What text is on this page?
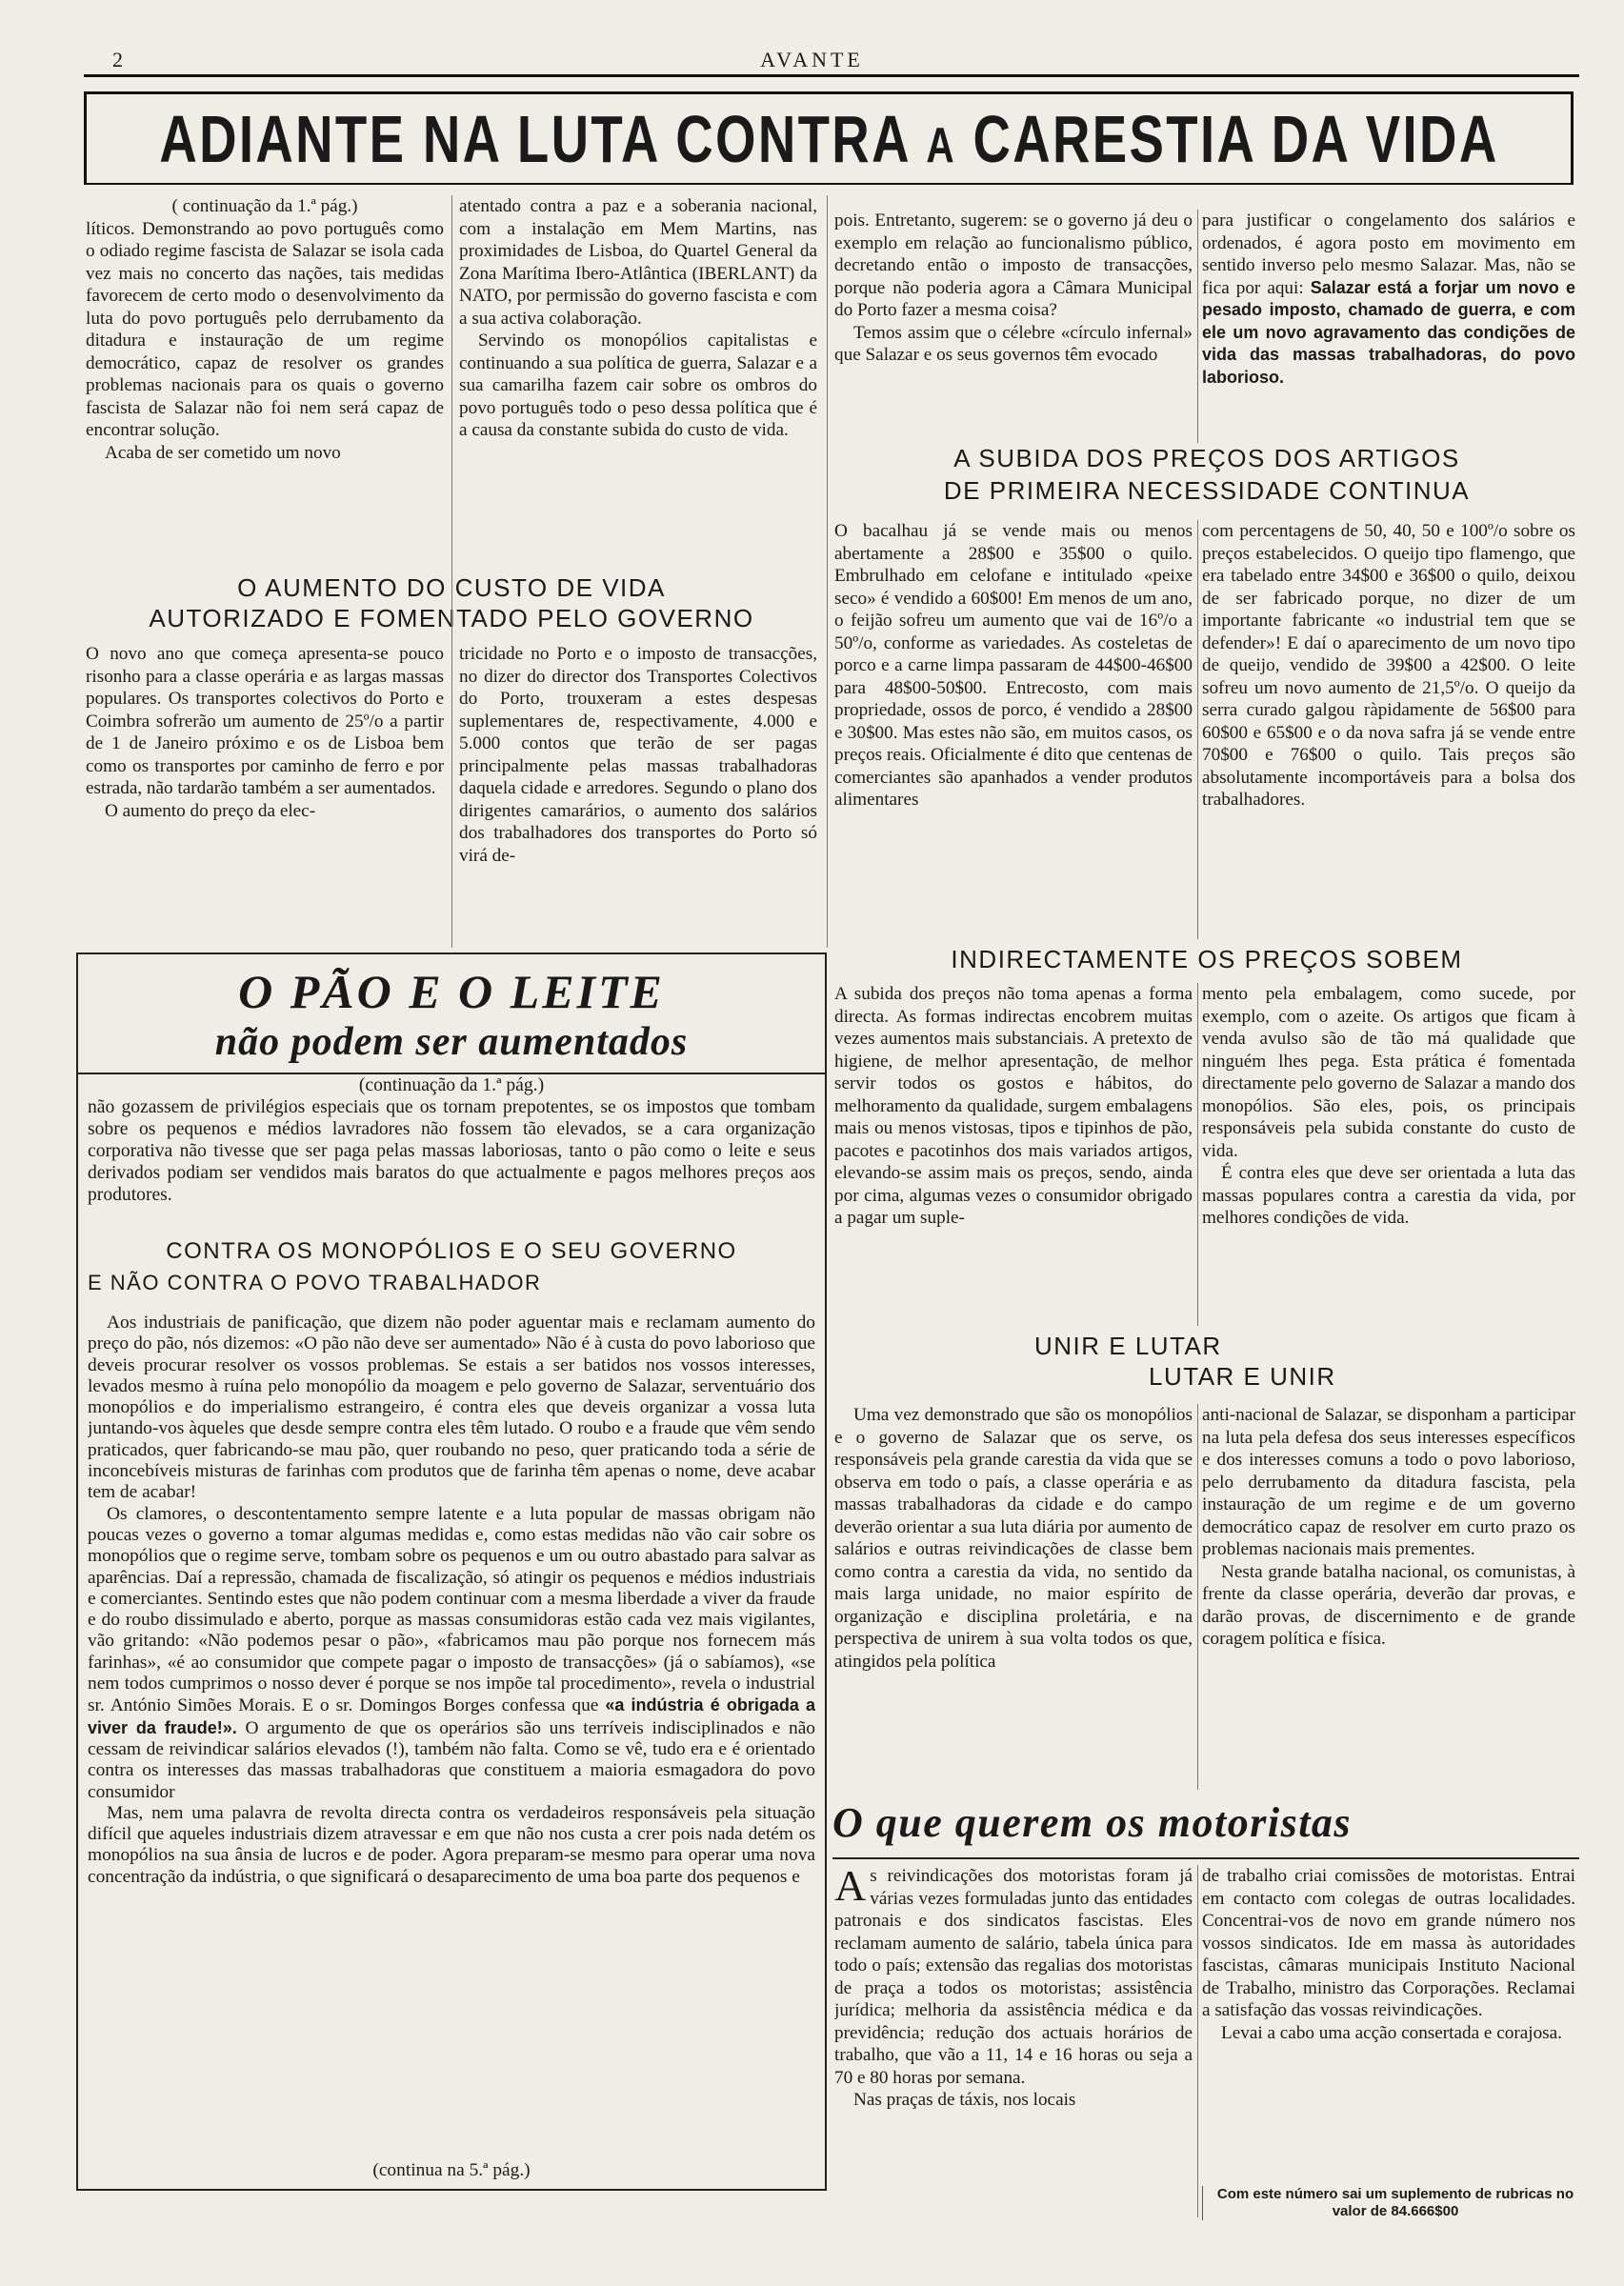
2	AVANTE
ADIANTE NA LUTA CONTRA A CARESTIA DA VIDA

( continuação da 1.ª pág.)

líticos. Demonstrando ao povo português como o odiado regime fascista de Salazar se isola cada vez mais no concerto das nações, tais medidas favorecem de certo modo o desenvolvimento da luta do povo português pelo derrubamento da ditadura e instauração de um regime democrático, capaz de resolver os grandes problemas nacionais para os quais o governo fascista de Salazar não foi nem será capaz de encontrar solução.

Acaba de ser cometido um novo

atentado contra a paz e a soberania nacional, com a instalação em Mem Martins, nas proximidades de Lisboa, do Quartel General da Zona Marítima Ibero-Atlântica (IBERLANT) da NATO, por permissão do governo fascista e com a sua activa colaboração.

Servindo os monopólios capitalistas e continuando a sua política de guerra, Salazar e a sua camarilha fazem cair sobre os ombros do povo português todo o peso dessa política que é a causa da constante subida do custo de vida.

O AUMENTO DO CUSTO DE VIDA
AUTORIZADO E FOMENTADO PELO GOVERNO

O novo ano que começa apresenta-se pouco risonho para a classe operária e as largas massas populares. Os transportes colectivos do Porto e Coimbra sofrerão um aumento de 25º/o a partir de 1 de Janeiro próximo e os de Lisboa bem como os transportes por caminho de ferro e por estrada, não tardarão também a ser aumentados.

O aumento do preço da elec-

tricidade no Porto e o imposto de transacções, no dizer do director dos Transportes Colectivos do Porto, trouxeram a estes despesas suplementares de, respectivamente, 4.000 e 5.000 contos que terão de ser pagas principalmente pelas massas trabalhadoras daquela cidade e arredores. Segundo o plano dos dirigentes camarários, o aumento dos salários dos trabalhadores dos transportes do Porto só virá de-

pois. Entretanto, sugerem: se o governo já deu o exemplo em relação ao funcionalismo público, decretando então o imposto de transacções, porque não poderia agora a Câmara Municipal do Porto fazer a mesma coisa?

Temos assim que o célebre «círculo infernal» que Salazar e os seus governos têm evocado

para justificar o congelamento dos salários e ordenados, é agora posto em movimento em sentido inverso pelo mesmo Salazar. Mas, não se fica por aqui: Salazar está a forjar um novo e pesado imposto, chamado de guerra, e com ele um novo agravamento das condições de vida das massas trabalhadoras, do povo laborioso.
A SUBIDA DOS PREÇOS DOS ARTIGOS
DE PRIMEIRA NECESSIDADE CONTINUA

O bacalhau já se vende mais ou menos abertamente a 28$00 e 35$00 o quilo. Embrulhado em celofane e intitulado «peixe seco» é vendido a 60$00! Em menos de um ano, o feijão sofreu um aumento que vai de 16º/o a 50º/o, conforme as variedades. As costeletas de porco e a carne limpa passaram de 44$00-46$00 para 48$00-50$00. Entrecosto, com mais propriedade, ossos de porco, é vendido a 28$00 e 30$00. Mas estes não são, em muitos casos, os preços reais. Oficialmente é dito que centenas de comerciantes são apanhados a vender produtos alimentares

com percentagens de 50, 40, 50 e 100º/o sobre os preços estabelecidos. O queijo tipo flamengo, que era tabelado entre 34$00 e 36$00 o quilo, deixou de ser fabricado porque, no dizer de um importante fabricante «o industrial tem que se defender»! E daí o aparecimento de um novo tipo de queijo, vendido de 39$00 a 42$00. O leite sofreu um novo aumento de 21,5º/o. O queijo da serra curado galgou ràpidamente de 56$00 para 60$00 e 65$00 e o da nova safra já se vende entre 70$00 e 76$00 o quilo. Tais preços são absolutamente incomportáveis para a bolsa dos trabalhadores.

INDIRECTAMENTE OS PREÇOS SOBEM

A subida dos preços não toma apenas a forma directa. As formas indirectas encobrem muitas vezes aumentos mais substanciais. A pretexto de higiene, de melhor apresentação, de melhor servir todos os gostos e hábitos, do melhoramento da qualidade, surgem embalagens mais ou menos vistosas, tipos e tipinhos de pão, pacotes e pacotinhos dos mais variados artigos, elevando-se assim mais os preços, sendo, ainda por cima, algumas vezes o consumidor obrigado a pagar um suple-

mento pela embalagem, como sucede, por exemplo, com o azeite. Os artigos que ficam à venda avulso são de tão má qualidade que ninguém lhes pega. Esta prática é fomentada directamente pelo governo de Salazar a mando dos monopólios. São eles, pois, os principais responsáveis pela subida constante do custo de vida.

É contra eles que deve ser orientada a luta das massas populares contra a carestia da vida, por melhores condições de vida.

UNIR E LUTAR
LUTAR E UNIR

Uma vez demonstrado que são os monopólios e o governo de Salazar que os serve, os responsáveis pela grande carestia da vida que se observa em todo o país, a classe operária e as massas trabalhadoras da cidade e do campo deverão orientar a sua luta diária por aumento de salários e outras reivindicações de classe bem como contra a carestia da vida, no sentido da mais larga unidade, no maior espírito de organização e disciplina proletária, e na perspectiva de unirem à sua volta todos os que, atingidos pela política

anti-nacional de Salazar, se disponham a participar na luta pela defesa dos seus interesses específicos e dos interesses comuns a todo o povo laborioso, pelo derrubamento da ditadura fascista, pela instauração de um regime e de um governo democrático capaz de resolver em curto prazo os problemas nacionais mais prementes.

Nesta grande batalha nacional, os comunistas, à frente da classe operária, deverão dar provas, e darão provas, de discernimento e de grande coragem política e física.

O PÃO E O LEITE
não podem ser aumentados

(continuação da 1.ª pág.)

não gozassem de privilégios especiais que os tornam prepotentes, se os impostos que tombam sobre os pequenos e médios lavradores não fossem tão elevados, se a cara organização corporativa não tivesse que ser paga pelas massas laboriosas, tanto o pão como o leite e seus derivados podiam ser vendidos mais baratos do que actualmente e pagos melhores preços aos produtores.

CONTRA OS MONOPÓLIOS E O SEU GOVERNO
E NÃO CONTRA O POVO TRABALHADOR

Aos industriais de panificação, que dizem não poder aguentar mais e reclamam aumento do preço do pão, nós dizemos: «O pão não deve ser aumentado» Não é à custa do povo laborioso que deveis procurar resolver os vossos problemas. Se estais a ser batidos nos vossos interesses, levados mesmo à ruína pelo monopólio da moagem e pelo governo de Salazar, serventuário dos monopólios e do imperialismo estrangeiro, é contra eles que deveis organizar a vossa luta juntando-vos àqueles que desde sempre contra eles têm lutado. O roubo e a fraude que vêm sendo praticados, quer fabricando-se mau pão, quer roubando no peso, quer praticando toda a série de inconcebíveis misturas de farinhas com produtos que de farinha têm apenas o nome, deve acabar tem de acabar!

Os clamores, o descontentamento sempre latente e a luta popular de massas obrigam não poucas vezes o governo a tomar algumas medidas e, como estas medidas não vão cair sobre os monopólios que o regime serve, tombam sobre os pequenos e um ou outro abastado para salvar as aparências. Daí a repressão, chamada de fiscalização, só atingir os pequenos e médios industriais e comerciantes. Sentindo estes que não podem continuar com a mesma liberdade a viver da fraude e do roubo dissimulado e aberto, porque as massas consumidoras estão cada vez mais vigilantes, vão gritando: «Não podemos pesar o pão», «fabricamos mau pão porque nos fornecem más farinhas», «é ao consumidor que compete pagar o imposto de transacções» (já o sabíamos), «se nem todos cumprimos o nosso dever é porque se nos impõe tal procedimento», revela o industrial sr. António Simões Morais. E o sr. Domingos Borges confessa que «a indústria é obrigada a viver da fraude!». O argumento de que os operários são uns terríveis indisciplinados e não cessam de reivindicar salários elevados (!), também não falta. Como se vê, tudo era e é orientado contra os interesses das massas trabalhadoras que constituem a maioria esmagadora do povo consumidor

Mas, nem uma palavra de revolta directa contra os verdadeiros responsáveis pela situação difícil que aqueles industriais dizem atravessar e em que não nos custa a crer pois nada detém os monopólios na sua ânsia de lucros e de poder. Agora preparam-se mesmo para operar uma nova concentração da indústria, o que significará o desaparecimento de uma boa parte dos pequenos e

(continua na 5.ª pág.)
O que querem os motoristas

As reivindicações dos motoristas foram já várias vezes formuladas junto das entidades patronais e dos sindicatos fascistas. Eles reclamam aumento de salário, tabela única para todo o país; extensão das regalias dos motoristas de praça a todos os motoristas; assistência jurídica; melhoria da assistência médica e da previdência; redução dos actuais horários de trabalho, que vão a 11, 14 e 16 horas ou seja a 70 e 80 horas por semana.

Nas praças de táxis, nos locais

de trabalho criai comissões de motoristas. Entrai em contacto com colegas de outras localidades. Concentrai-vos de novo em grande número nos vossos sindicatos. Ide em massa às autoridades fascistas, câmaras municipais Instituto Nacional de Trabalho, ministro das Corporações. Reclamai a satisfação das vossas reivindicações.

Levai a cabo uma acção consertada e corajosa.

Com este número sai um suplemento de rubricas no valor de 84.666$00
